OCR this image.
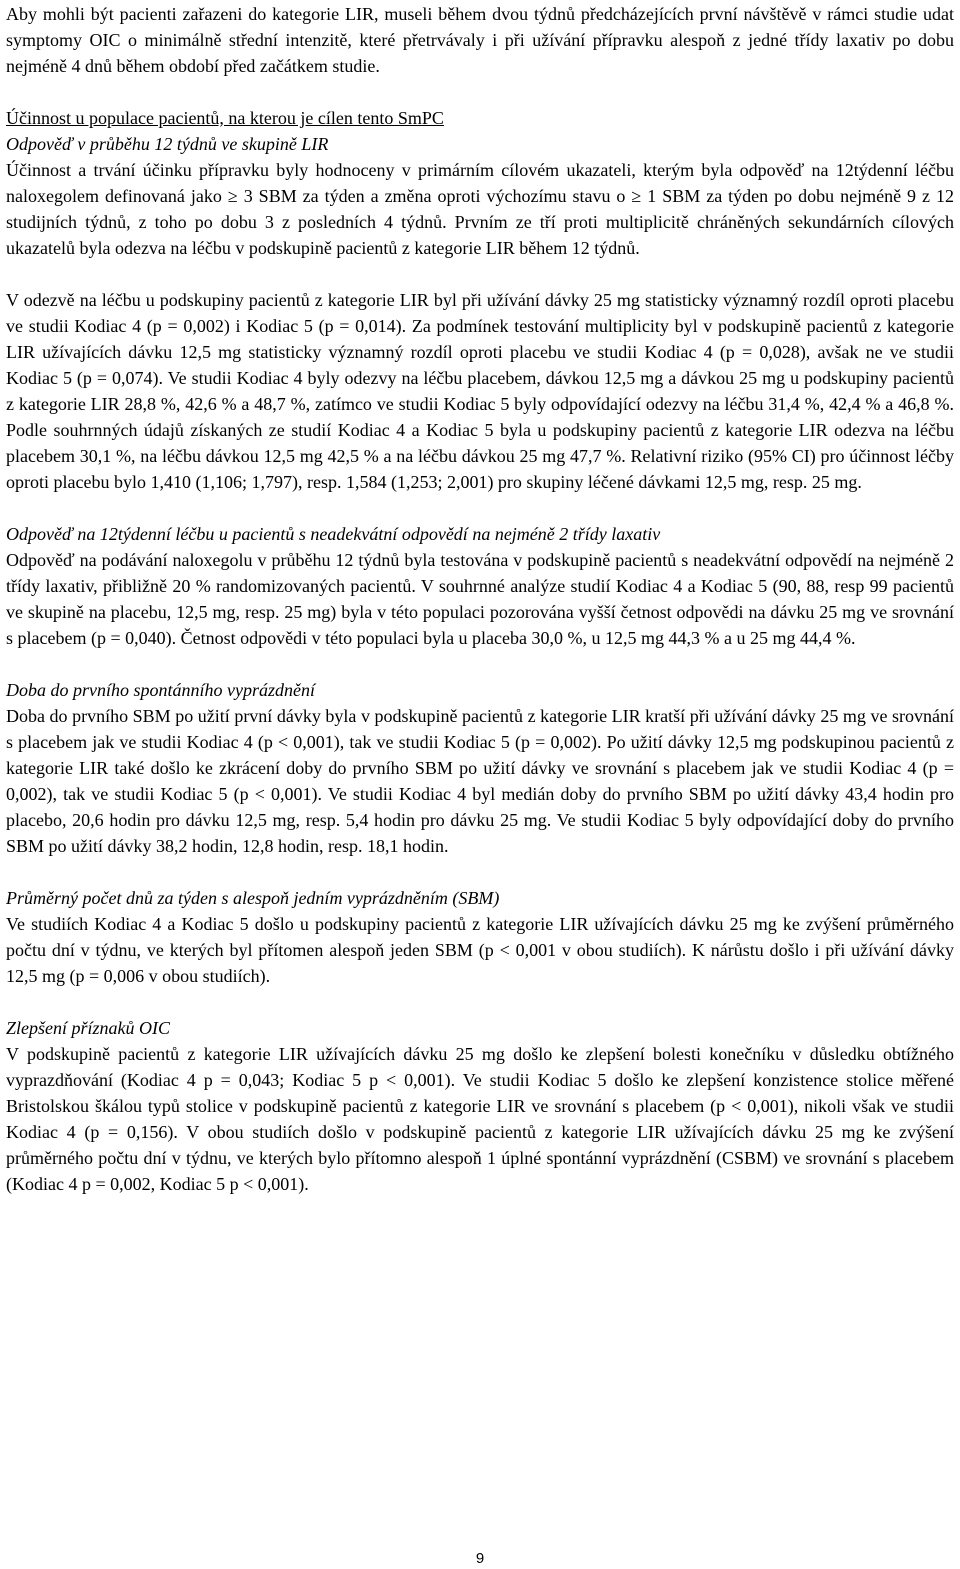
Aby mohli být pacienti zařazeni do kategorie LIR, museli během dvou týdnů předcházejících první návštěvě v rámci studie udat symptomy OIC o minimálně střední intenzitě, které přetrvávaly i při užívání přípravku alespoň z jedné třídy laxativ po dobu nejméně 4 dnů během období před začátkem studie.

Účinnost u populace pacientů, na kterou je cílen tento SmPC
Odpověď v průběhu 12 týdnů ve skupině LIR

Účinnost a trvání účinku přípravku byly hodnoceny v primárním cílovém ukazateli, kterým byla odpověď na 12týdenní léčbu naloxegolem definovaná jako ≥ 3 SBM za týden a změna oproti výchozímu stavu o ≥ 1 SBM za týden po dobu nejméně 9 z 12 studijních týdnů, z toho po dobu 3 z posledních 4 týdnů. Prvním ze tří proti multiplicitě chráněných sekundárních cílových ukazatelů byla odezva na léčbu v podskupině pacientů z kategorie LIR během 12 týdnů.

V odezvě na léčbu u podskupiny pacientů z kategorie LIR byl při užívání dávky 25 mg statisticky významný rozdíl oproti placebu ve studii Kodiac 4 (p = 0,002) i Kodiac 5 (p = 0,014). Za podmínek testování multiplicity byl v podskupině pacientů z kategorie LIR užívajících dávku 12,5 mg statisticky významný rozdíl oproti placebu ve studii Kodiac 4 (p = 0,028), avšak ne ve studii Kodiac 5 (p = 0,074). Ve studii Kodiac 4 byly odezvy na léčbu placebem, dávkou 12,5 mg a dávkou 25 mg u podskupiny pacientů z kategorie LIR 28,8 %, 42,6 % a 48,7 %, zatímco ve studii Kodiac 5 byly odpovídající odezvy na léčbu 31,4 %, 42,4 % a 46,8 %. Podle souhrnných údajů získaných ze studií Kodiac 4 a Kodiac 5 byla u podskupiny pacientů z kategorie LIR odezva na léčbu placebem 30,1 %, na léčbu dávkou 12,5 mg 42,5 % a na léčbu dávkou 25 mg 47,7 %. Relativní riziko (95% CI) pro účinnost léčby oproti placebu bylo 1,410 (1,106; 1,797), resp. 1,584 (1,253; 2,001) pro skupiny léčené dávkami 12,5 mg, resp. 25 mg.

Odpověď na 12týdenní léčbu u pacientů s neadekvátní odpovědí na nejméně 2 třídy laxativ

Odpověď na podávání naloxegolu v průběhu 12 týdnů byla testována v podskupině pacientů s neadekvátní odpovědí na nejméně 2 třídy laxativ, přibližně 20 % randomizovaných pacientů. V souhrnné analýze studií Kodiac 4 a Kodiac 5 (90, 88, resp 99 pacientů ve skupině na placebu, 12,5 mg, resp. 25 mg) byla v této populaci pozorována vyšší četnost odpovědi na dávku 25 mg ve srovnání s placebem (p = 0,040). Četnost odpovědi v této populaci byla u placeba 30,0 %, u 12,5 mg 44,3 % a u 25 mg 44,4 %.

Doba do prvního spontánního vyprázdnění

Doba do prvního SBM po užití první dávky byla v podskupině pacientů z kategorie LIR kratší při užívání dávky 25 mg ve srovnání s placebem jak ve studii Kodiac 4 (p < 0,001), tak ve studii Kodiac 5 (p = 0,002). Po užití dávky 12,5 mg podskupinou pacientů z kategorie LIR také došlo ke zkrácení doby do prvního SBM po užití dávky ve srovnání s placebem jak ve studii Kodiac 4 (p = 0,002), tak ve studii Kodiac 5 (p < 0,001). Ve studii Kodiac 4 byl medián doby do prvního SBM po užití dávky 43,4 hodin pro placebo, 20,6 hodin pro dávku 12,5 mg, resp. 5,4 hodin pro dávku 25 mg. Ve studii Kodiac 5 byly odpovídající doby do prvního SBM po užití dávky 38,2 hodin, 12,8 hodin, resp. 18,1 hodin.

Průměrný počet dnů za týden s alespoň jedním vyprázdněním (SBM)

Ve studiích Kodiac 4 a Kodiac 5 došlo u podskupiny pacientů z kategorie LIR užívajících dávku 25 mg ke zvýšení průměrného počtu dní v týdnu, ve kterých byl přítomen alespoň jeden SBM (p < 0,001 v obou studiích). K nárůstu došlo i při užívání dávky 12,5 mg (p = 0,006 v obou studiích).

Zlepšení příznaků OIC

V podskupině pacientů z kategorie LIR užívajících dávku 25 mg došlo ke zlepšení bolesti konečníku v důsledku obtížného vyprazdňování (Kodiac 4 p = 0,043; Kodiac 5 p < 0,001). Ve studii Kodiac 5 došlo ke zlepšení konzistence stolice měřené Bristolskou škálou typů stolice v podskupině pacientů z kategorie LIR ve srovnání s placebem (p < 0,001), nikoli však ve studii Kodiac 4 (p = 0,156). V obou studiích došlo v podskupině pacientů z kategorie LIR užívajících dávku 25 mg ke zvýšení průměrného počtu dní v týdnu, ve kterých bylo přítomno alespoň 1 úplné spontánní vyprázdnění (CSBM) ve srovnání s placebem (Kodiac 4 p = 0,002, Kodiac 5 p < 0,001).

9
